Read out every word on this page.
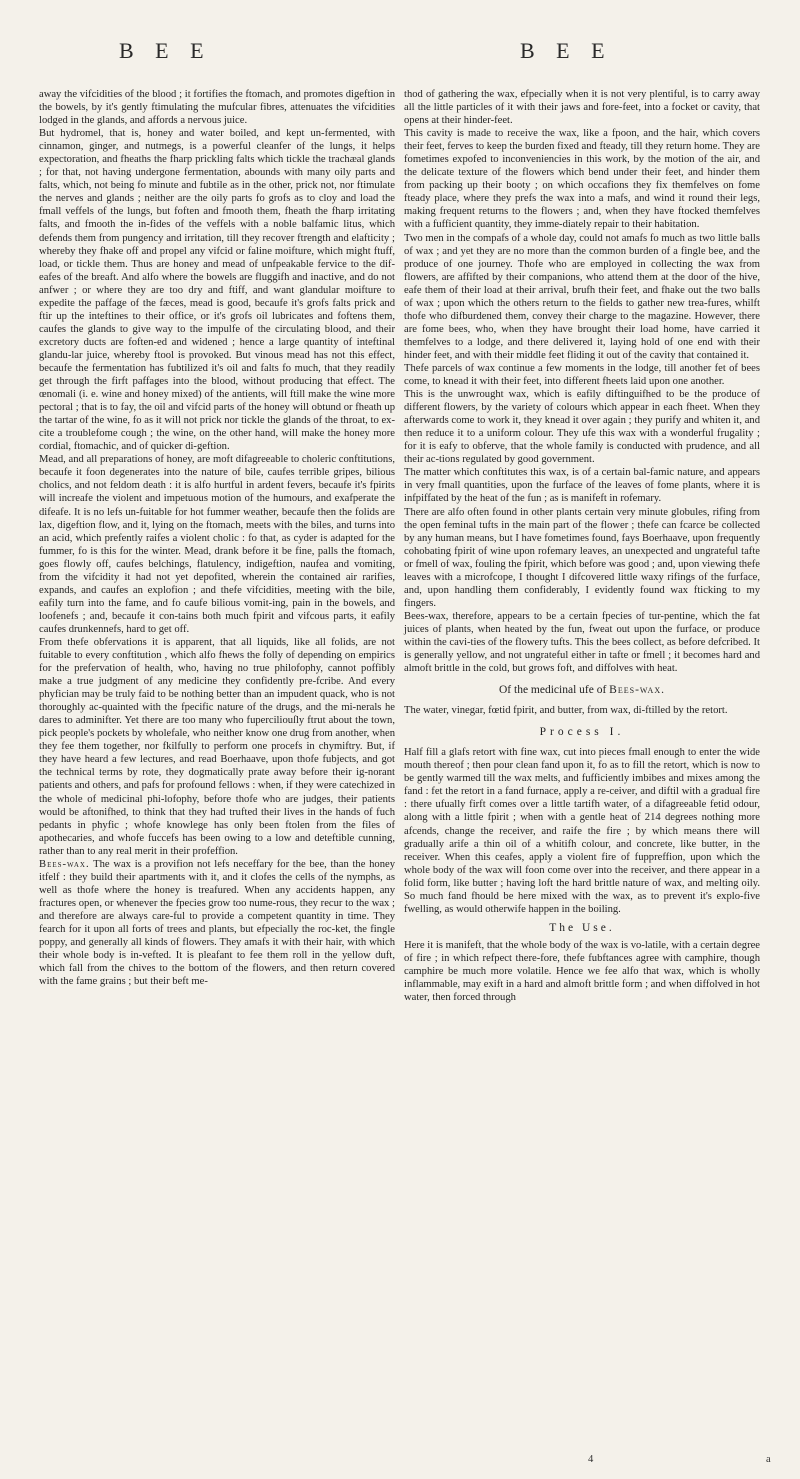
B E E	B E E

away the vifcidities of the blood ; it fortifies the ftomach, and promotes digeftion in the bowels, by it's gently ftimulating the mufcular fibres, attenuates the vifcidities lodged in the glands, and affords a nervous juice.

But hydromel, that is, honey and water boiled, and kept un-fermented, with cinnamon, ginger, and nutmegs, is a powerful cleanfer of the lungs, it helps expectoration, and fheaths the fharp prickling falts which tickle the trachæal glands ; for that, not having undergone fermentation, abounds with many oily parts and falts, which, not being fo minute and fubtile as in the other, prick not, nor ftimulate the nerves and glands ; neither are the oily parts fo grofs as to cloy and load the fmall veffels of the lungs, but foften and fmooth them, fheath the fharp irritating falts, and fmooth the in-fides of the veffels with a noble balfamic litus, which defends them from pungency and irritation, till they recover ftrength and elafticity ; whereby they fhake off and propel any vifcid or faline moifture, which might ftuff, load, or tickle them. Thus are honey and mead of unfpeakable fervice to the dif-eafes of the breaft. And alfo where the bowels are fluggifh and inactive, and do not anfwer ; or where they are too dry and ftiff, and want glandular moifture to expedite the paffage of the fæces, mead is good, becaufe it's grofs falts prick and ftir up the inteftines to their office, or it's grofs oil lubricates and foftens them, caufes the glands to give way to the impulfe of the circulating blood, and their excretory ducts are foften-ed and widened ; hence a large quantity of inteftinal glandu-lar juice, whereby ftool is provoked. But vinous mead has not this effect, becaufe the fermentation has fubtilized it's oil and falts fo much, that they readily get through the firft paffages into the blood, without producing that effect. The œnomali (i. e. wine and honey mixed) of the antients, will ftill make the wine more pectoral ; that is to fay, the oil and vifcid parts of the honey will obtund or fheath up the tartar of the wine, fo as it will not prick nor tickle the glands of the throat, to ex-cite a troublefome cough ; the wine, on the other hand, will make the honey more cordial, ftomachic, and of quicker di-geftion.

Mead, and all preparations of honey, are moft difagreeable to choleric conftitutions, becaufe it foon degenerates into the nature of bile, caufes terrible gripes, bilious cholics, and not feldom death : it is alfo hurtful in ardent fevers, becaufe it's fpirits will increafe the violent and impetuous motion of the humours, and exafperate the difeafe. It is no lefs un-fuitable for hot fummer weather, becaufe then the folids are lax, digeftion flow, and it, lying on the ftomach, meets with the biles, and turns into an acid, which prefently raifes a violent cholic : fo that, as cyder is adapted for the fummer, fo is this for the winter. Mead, drank before it be fine, palls the ftomach, goes flowly off, caufes belchings, flatulency, indigeftion, naufea and vomiting, from the vifcidity it had not yet depofited, wherein the contained air rarifies, expands, and caufes an explofion ; and thefe vifcidities, meeting with the bile, eafily turn into the fame, and fo caufe bilious vomit-ing, pain in the bowels, and loofenefs ; and, becaufe it con-tains both much fpirit and vifcous parts, it eafily caufes drunkennefs, hard to get off.

From thefe obfervations it is apparent, that all liquids, like all folids, are not fuitable to every conftitution , which alfo fhews the folly of depending on empirics for the prefervation of health, who, having no true philofophy, cannot poffibly make a true judgment of any medicine they confidently pre-fcribe. And every phyfician may be truly faid to be nothing better than an impudent quack, who is not thoroughly ac-quainted with the fpecific nature of the drugs, and the mi-nerals he dares to adminifter. Yet there are too many who fuperciliouſly ftrut about the town, pick people's pockets by wholefale, who neither know one drug from another, when they fee them together, nor fkilfully to perform one procefs in chymiftry. But, if they have heard a few lectures, and read Boerhaave, upon thofe fubjects, and got the technical terms by rote, they dogmatically prate away before their ig-norant patients and others, and pafs for profound fellows : when, if they were catechized in the whole of medicinal phi-lofophy, before thofe who are judges, their patients would be aftonifhed, to think that they had trufted their lives in the hands of fuch pedants in phyfic ; whofe knowlege has only been ftolen from the files of apothecaries, and whofe fuccefs has been owing to a low and deteftible cunning, rather than to any real merit in their profeffion.

Bees-wax. The wax is a provifion not lefs neceffary for the bee, than the honey itfelf : they build their apartments with it, and it clofes the cells of the nymphs, as well as thofe where the honey is treafured. When any accidents happen, any fractures open, or whenever the fpecies grow too nume-rous, they recur to the wax ; and therefore are always care-ful to provide a competent quantity in time. They fearch for it upon all forts of trees and plants, but efpecially the roc-ket, the fingle poppy, and generally all kinds of flowers. They amafs it with their hair, with which their whole body is in-vefted. It is pleafant to fee them roll in the yellow duft, which fall from the chives to the bottom of the flowers, and then return covered with the fame grains ; but their beft me-

thod of gathering the wax, efpecially when it is not very plentiful, is to carry away all the little particles of it with their jaws and fore-feet, into a focket or cavity, that opens at their hinder-feet.

This cavity is made to receive the wax, like a fpoon, and the hair, which covers their feet, ferves to keep the burden fixed and fteady, till they return home. They are fometimes expofed to inconveniencies in this work, by the motion of the air, and the delicate texture of the flowers which bend under their feet, and hinder them from packing up their booty ; on which occafions they fix themfelves on fome fteady place, where they prefs the wax into a mafs, and wind it round their legs, making frequent returns to the flowers ; and, when they have ftocked themfelves with a fufficient quantity, they imme-diately repair to their habitation.

Two men in the compafs of a whole day, could not amafs fo much as two little balls of wax ; and yet they are no more than the common burden of a fingle bee, and the produce of one journey. Thofe who are employed in collecting the wax from flowers, are affifted by their companions, who attend them at the door of the hive, eafe them of their load at their arrival, brufh their feet, and fhake out the two balls of wax ; upon which the others return to the fields to gather new trea-fures, whilft thofe who difburdened them, convey their charge to the magazine. However, there are fome bees, who, when they have brought their load home, have carried it themfelves to a lodge, and there delivered it, laying hold of one end with their hinder feet, and with their middle feet fliding it out of the cavity that contained it.

Thefe parcels of wax continue a few moments in the lodge, till another fet of bees come, to knead it with their feet, into different fheets laid upon one another.

This is the unwrought wax, which is eafily diftinguifhed to be the produce of different flowers, by the variety of colours which appear in each fheet. When they afterwards come to work it, they knead it over again ; they purify and whiten it, and then reduce it to a uniform colour. They ufe this wax with a wonderful frugality ; for it is eafy to obferve, that the whole family is conducted with prudence, and all their ac-tions regulated by good government.

The matter which conftitutes this wax, is of a certain bal-famic nature, and appears in very fmall quantities, upon the furface of the leaves of fome plants, where it is infpiffated by the heat of the fun ; as is manifeft in rofemary.

There are alfo often found in other plants certain very minute globules, rifing from the open feminal tufts in the main part of the flower ; thefe can fcarce be collected by any human means, but I have fometimes found, fays Boerhaave, upon frequently cohobating fpirit of wine upon rofemary leaves, an unexpected and ungrateful tafte or fmell of wax, fouling the fpirit, which before was good ; and, upon viewing thefe leaves with a microfcope, I thought I difcovered little waxy rifings of the furface, and, upon handling them confiderably, I evidently found wax fticking to my fingers.

Bees-wax, therefore, appears to be a certain fpecies of tur-pentine, which the fat juices of plants, when heated by the fun, fweat out upon the furface, or produce within the cavi-ties of the flowery tufts. This the bees collect, as before defcribed. It is generally yellow, and not ungrateful either in tafte or fmell ; it becomes hard and almoft brittle in the cold, but grows foft, and diffolves with heat.

Of the medicinal ufe of Bees-wax.

The water, vinegar, fœtid fpirit, and butter, from wax, di-ftilled by the retort.

Process I.

Half fill a glafs retort with fine wax, cut into pieces fmall enough to enter the wide mouth thereof ; then pour clean fand upon it, fo as to fill the retort, which is now to be gently warmed till the wax melts, and fufficiently imbibes and mixes among the fand : fet the retort in a fand furnace, apply a re-ceiver, and diftil with a gradual fire : there ufually firft comes over a little tartifh water, of a difagreeable fetid odour, along with a little fpirit ; when with a gentle heat of 214 degrees nothing more afcends, change the receiver, and raife the fire ; by which means there will gradually arife a thin oil of a whitifh colour, and concrete, like butter, in the receiver. When this ceafes, apply a violent fire of fuppreffion, upon which the whole body of the wax will foon come over into the receiver, and there appear in a folid form, like butter ; having loft the hard brittle nature of wax, and melting oily. So much fand fhould be here mixed with the wax, as to prevent it's explo-five fwelling, as would otherwife happen in the boiling.

The Use.

Here it is manifeft, that the whole body of the wax is vo-latile, with a certain degree of fire ; in which refpect there-fore, thefe fubftances agree with camphire, though camphire be much more volatile. Hence we fee alfo that wax, which is wholly inflammable, may exift in a hard and almoft brittle form ; and when diffolved in hot water, then forced through

4	a
